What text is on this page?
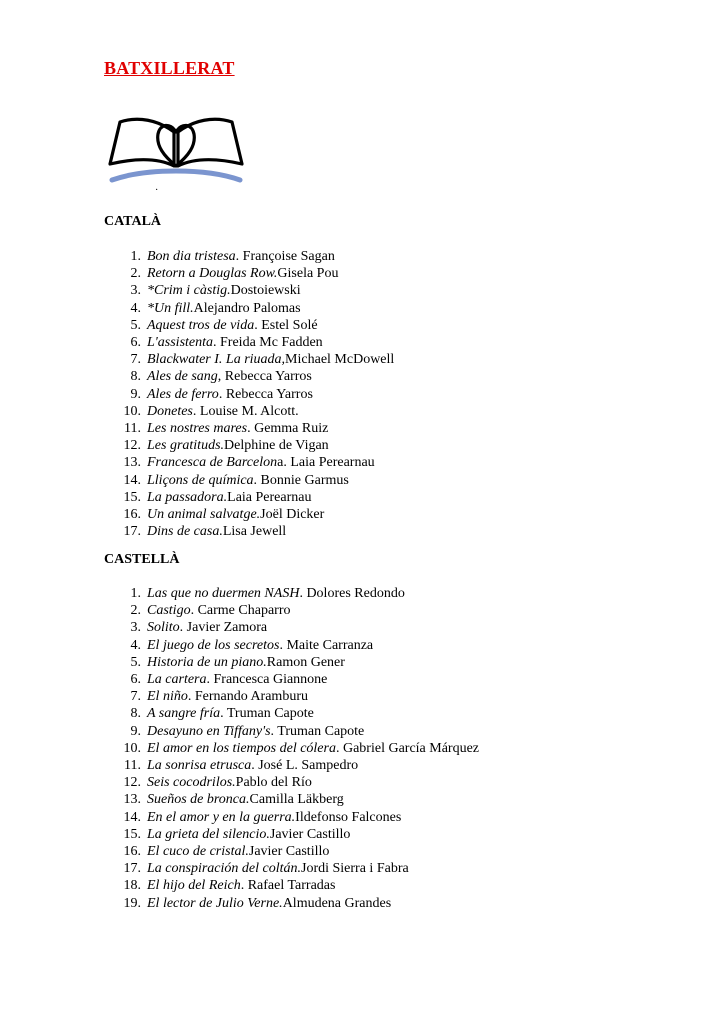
BATXILLERAT
·
CATALÀ
1. Bon dia tristesa . Françoise Sagan
2. Retorn a Douglas Row. Gisela Pou
3. *Crim i càstig. Dostoiewski
4. *Un fill. Alejandro Palomas
5. Aquest tros de vida . Estel Solé
6. L'assistenta . Freida Mc Fadden
7. Blackwater I. La riuada, Michael McDowell
8. Ales de sang , Rebecca Yarros
9. Ales de ferro . Rebecca Yarros
10. Donetes . Louise M. Alcott.
11. Les nostres mares . Gemma Ruiz
12. Les gratituds. Delphine de Vigan
13. Francesca de Barcelon a. Laia Perearnau
14. Lliçons de química . Bonnie Garmus
15. La passadora. Laia Perearnau
16. Un animal salvatge. Joël Dicker
17. Dins de casa. Lisa Jewell
CASTELLÀ
1. Las que no duermen NASH . Dolores Redondo
2. Castigo . Carme Chaparro
3. Solito . Javier Zamora
4. El juego de los secretos . Maite Carranza
5. Historia de un piano. Ramon Gener
6. La cartera . Francesca Giannone
7. El niño . Fernando Aramburu
8. A sangre fría . Truman Capote
9. Desayuno en Tiffany's . Truman Capote
10. El amor en los tiempos del cólera . Gabriel García Márquez
11. La sonrisa etrusca . José L. Sampedro
12. Seis cocodrilos. Pablo del Río
13. Sueños de bronca. Camilla Läkberg
14. En el amor y en la guerra. Ildefonso Falcones
15. La grieta del silencio. Javier Castillo
16. El cuco de cristal. Javier Castillo
17. La conspiración del coltán. Jordi Sierra i Fabra
18. El hijo del Reich . Rafael Tarradas
19. El lector de Julio Verne. Almudena Grandes
